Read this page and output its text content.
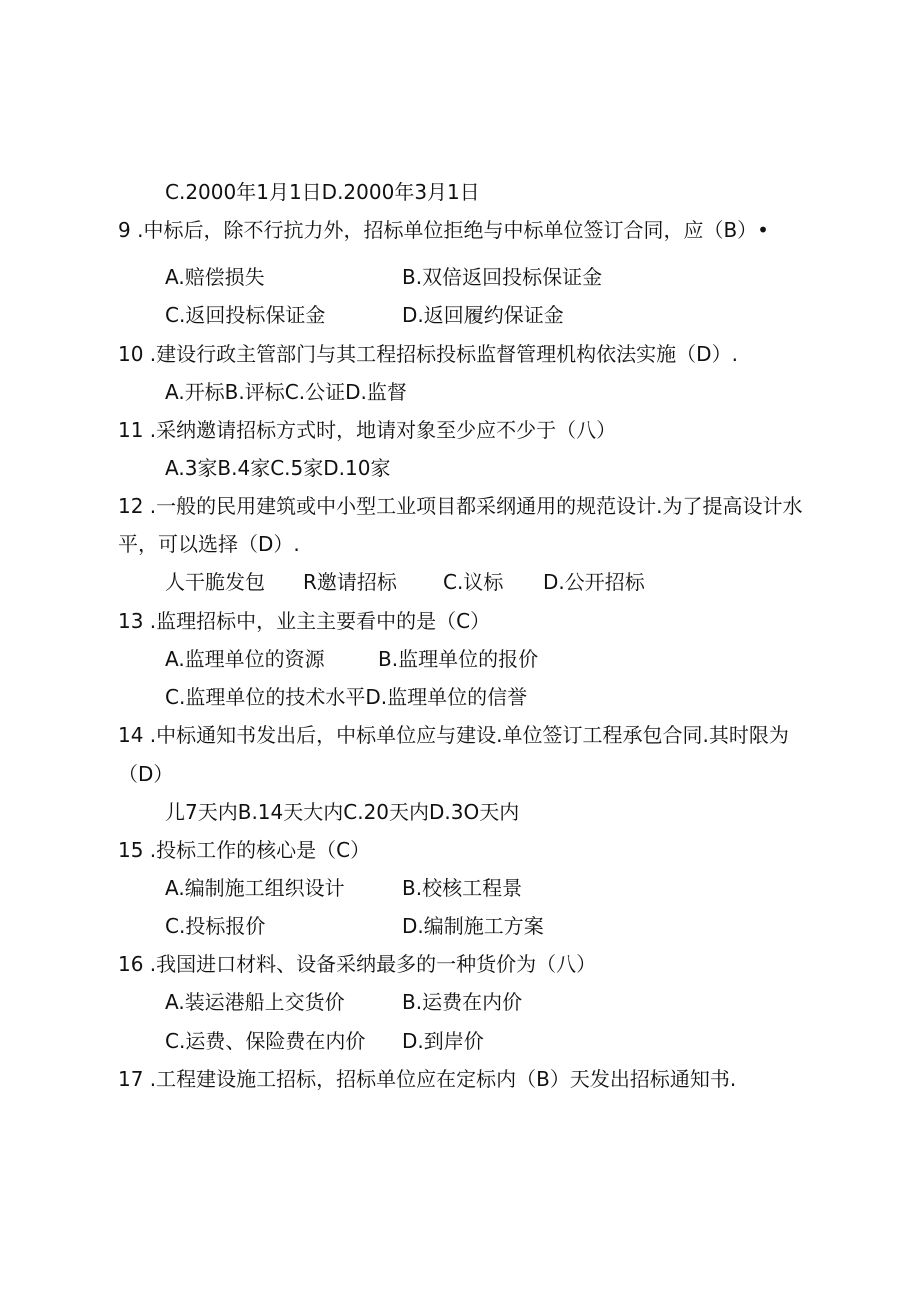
C.2000年1月1日D.2000年3月1日
9 .中标后，除不行抗力外，招标单位拒绝与中标单位签订合同，应（B）•
A.赔偿损失	B.双倍返回投标保证金
C.返回投标保证金	D.返回履约保证金
10 .建设行政主管部门与其工程招标投标监督管理机构依法实施（D）.
A.开标B.评标C.公证D.监督
11 .采纳邀请招标方式时，地请对象至少应不少于（八）
A.3家B.4家C.5家D.10家
12 .一般的民用建筑或中小型工业项目都采纲通用的规范设计.为了提高设计水
平，可以选择（D）.
人干脆发包 R邀请招标 C.议标 D.公开招标
13 .监理招标中，业主主要看中的是（C）
A.监理单位的资源	B.监理单位的报价
C.监理单位的技术水平D.监理单位的信誉
14 .中标通知书发出后，中标单位应与建设.单位签订工程承包合同.其时限为
（D）
儿7天内B.14天大内C.20天内D.3O天内
15 .投标工作的核心是（C）
A.编制施工组织设计	B.校核工程景
C.投标报价	D.编制施工方案
16 .我国进口材料、设备采纳最多的一种货价为（八）
A.装运港船上交货价	B.运费在内价
C.运费、保险费在内价 D.到岸价
17 .工程建设施工招标，招标单位应在定标内（B）天发出招标通知书.
